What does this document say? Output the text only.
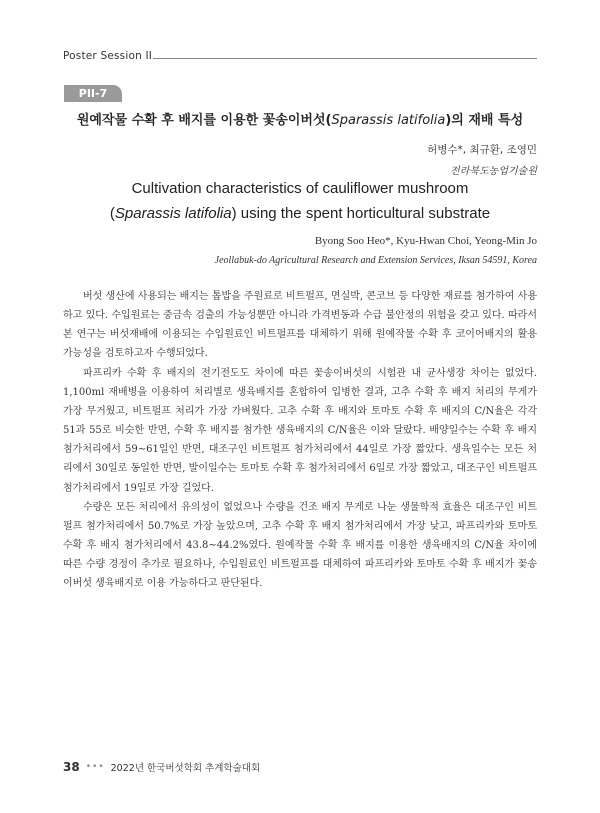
Poster Session II
PII-7
원예작물 수확 후 배지를 이용한 꽃송이버섯(Sparassis latifolia)의 재배 특성
허병수*, 최규환, 조영민
전라북도농업기술원
Cultivation characteristics of cauliflower mushroom
(Sparassis latifolia) using the spent horticultural substrate
Byong Soo Heo*, Kyu-Hwan Choi, Yeong-Min Jo
Jeollabuk-do Agricultural Research and Extension Services, Iksan 54591, Korea

버섯 생산에 사용되는 배지는 톱밥을 주원료로 비트펄프, 면실박, 콘코브 등 다양한 재료를 첨가하여 사용하고 있다. 수입원료는 중금속 검출의 가능성뿐만 아니라 가격변동과 수급 불안정의 위험을 갖고 있다. 따라서 본 연구는 버섯재배에 이용되는 수입원료인 비트펄프를 대체하기 위해 원예작물 수확 후 코이어배지의 활용 가능성을 검토하고자 수행되었다.

파프리카 수확 후 배지의 전기전도도 차이에 따른 꽃송이버섯의 시험관 내 균사생장 차이는 없었다. 1,100ml 재배병을 이용하여 처리별로 생육배지를 혼합하여 입병한 결과, 고추 수확 후 배지 처리의 무게가 가장 무거웠고, 비트펄프 처리가 가장 가벼웠다. 고추 수확 후 배지와 토마토 수확 후 배지의 C/N율은 각각 51과 55로 비슷한 반면, 수확 후 배지를 첨가한 생육배지의 C/N율은 이와 달랐다. 배양일수는 수확 후 배지 첨가처리에서 59∼61일인 반면, 대조구인 비트펄프 첨가처리에서 44일로 가장 짧았다. 생육일수는 모든 처리에서 30일로 동일한 반면, 발이일수는 토마토 수확 후 첨가처리에서 6일로 가장 짧았고, 대조구인 비트펄프 첨가처리에서 19일로 가장 길었다.

수량은 모든 처리에서 유의성이 없었으나 수량을 건조 배지 무게로 나눈 생물학적 효율은 대조구인 비트펄프 첨가처리에서 50.7%로 가장 높았으며, 고추 수확 후 배지 첨가처리에서 가장 낮고, 파프리카와 토마토 수확 후 배지 첨가처리에서 43.8∼44.2%였다. 원예작물 수확 후 배지를 이용한 생육배지의 C/N율 차이에 따른 수량 경정이 추가로 필요하나, 수입원료인 비트펄프를 대체하여 파프리카와 토마토 수확 후 배지가 꽃송이버섯 생육배지로 이용 가능하다고 판단된다.

38 ••• 2022년 한국버섯학회 추계학술대회
